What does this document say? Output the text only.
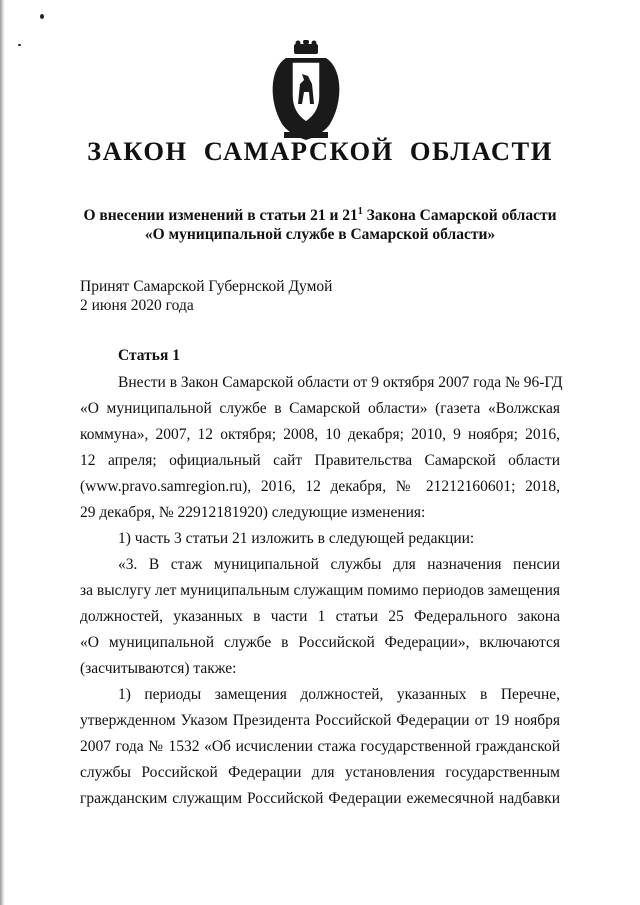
ЗАКОН САМАРСКОЙ ОБЛАСТИ
О внесении изменений в статьи 21 и $21^1$ Закона Самарской области
«О муниципальной службе в Самарской области»
Принят Самарской Губернской Думой
2 июня 2020 года
Статья 1
Внести в Закон Самарской области от 9 октября 2007 года № 96-ГД
«О муниципальной службе в Самарской области» (газета «Волжская
коммуна», 2007, 12 октября; 2008, 10 декабря; 2010, 9 ноября; 2016,
12 апреля; официальный сайт Правительства Самарской области
(www.pravo.samregion.ru), 2016, 12 декабря, № 21212160601; 2018,
29 декабря, № 22912181920) следующие изменения:
1) часть 3 статьи 21 изложить в следующей редакции:
«3. В стаж муниципальной службы для назначения пенсии
за выслугу лет муниципальным служащим помимо периодов замещения
должностей, указанных в части 1 статьи 25 Федерального закона
«О муниципальной службе в Российской Федерации», включаются
(засчитываются) также:
1) периоды замещения должностей, указанных в Перечне,
утвержденном Указом Президента Российской Федерации от 19 ноября
2007 года № 1532 «Об исчислении стажа государственной гражданской
службы Российской Федерации для установления государственным
гражданским служащим Российской Федерации ежемесячной надбавки
